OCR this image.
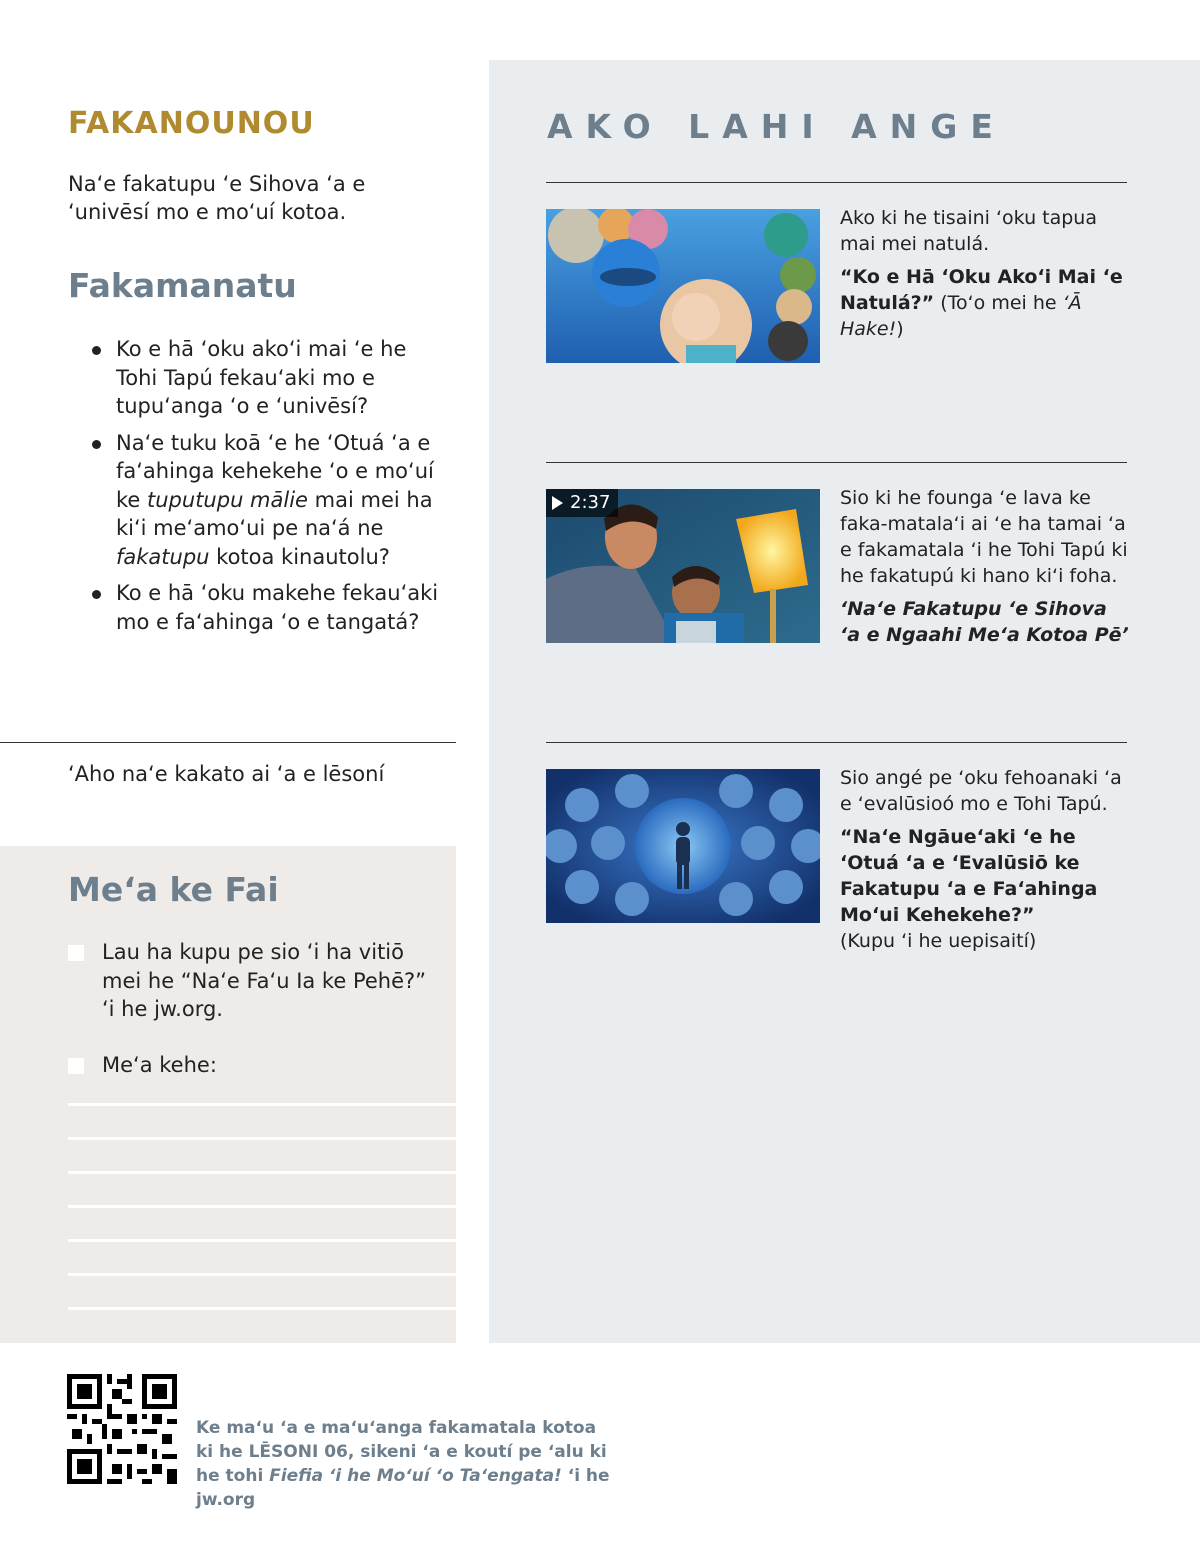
FAKANOUNOU

Naʻe fakatupu ʻe Sihova ʻa e ʻunivēsí mo e moʻuí kotoa.

Fakamanatu
Ko e hā ʻoku akoʻi mai ʻe he Tohi Tapú fekauʻaki mo e tupuʻanga ʻo e ʻunivēsí?
Naʻe tuku koā ʻe he ʻOtuá ʻa e faʻahinga kehekehe ʻo e moʻuí ke tuputupu mālie mai mei ha kiʻi meʻamoʻui pe naʻá ne fakatupu kotoa kinautolu?
Ko e hā ʻoku makehe fekauʻaki mo e faʻahinga ʻo e tangatá?
ʻAho naʻe kakato ai ʻa e lēsoní
Meʻa ke Fai
Lau ha kupu pe sio ʻi ha vitiō mei he “Naʻe Faʻu Ia ke Pehē?” ʻi he jw.org.
Meʻa kehe:
AKO LAHI ANGE
Ako ki he tisaini ʻoku tapua mai mei natulá.
“Ko e Hā ʻOku Akoʻi Mai ʻe Natulá?” (Toʻo mei he ʻĀ Hake!)
2:37	Sio ki he founga ʻe lava ke faka-matalaʻi ai ʻe ha tamai ʻa e fakamatala ʻi he Tohi Tapú ki he fakatupú ki hano kiʻi foha.
ʻNaʻe Fakatupu ʻe Sihova ʻa e Ngaahi Meʻa Kotoa Pēʼ
Sio angé pe ʻoku fehoanaki ʻa e ʻevalūsioó mo e Tohi Tapú.
“Naʻe Ngāueʻaki ʻe he ʻOtuá ʻa e ʻEvalūsiō ke Fakatupu ʻa e Faʻahinga Moʻui Kehekehe?”
(Kupu ʻi he uepisaití)

Ke maʻu ʻa e maʻuʻanga fakamatala kotoa ki he LĒSONI 06, sikeni ʻa e koutí pe ʻalu ki he tohi Fiefia ʻi he Moʻuí ʻo Taʻengata! ʻi he jw.org
